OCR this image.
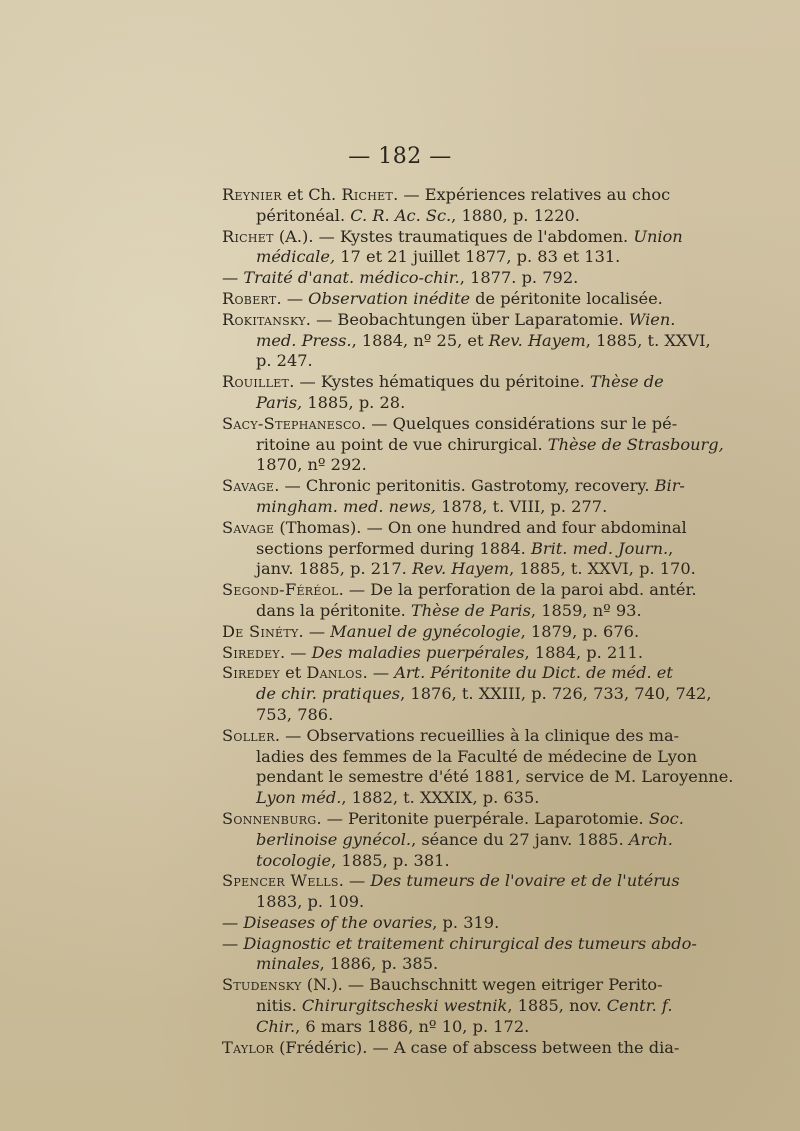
— 182 —
Reynier et Ch. Richet. — Expériences relatives au choc
péritonéal. C. R. Ac. Sc., 1880, p. 1220.
Richet (A.). — Kystes traumatiques de l'abdomen. Union
médicale, 17 et 21 juillet 1877, p. 83 et 131.
— Traité d'anat. médico-chir., 1877. p. 792.
Robert. — Observation inédite de péritonite localisée.
Rokitansky. — Beobachtungen über Laparatomie. Wien.
med. Press., 1884, nº 25, et Rev. Hayem, 1885, t. XXVI,
p. 247.
Rouillet. — Kystes hématiques du péritoine. Thèse de
Paris, 1885, p. 28.
Sacy-Stephanesco. — Quelques considérations sur le pé-
ritoine au point de vue chirurgical. Thèse de Strasbourg,
1870, nº 292.
Savage. — Chronic peritonitis. Gastrotomy, recovery. Bir-
mingham. med. news, 1878, t. VIII, p. 277.
Savage (Thomas). — On one hundred and four abdominal
sections performed during 1884. Brit. med. Journ.,
janv. 1885, p. 217. Rev. Hayem, 1885, t. XXVI, p. 170.
Segond-Féréol. — De la perforation de la paroi abd. antér.
dans la péritonite. Thèse de Paris, 1859, nº 93.
De Sinéty. — Manuel de gynécologie, 1879, p. 676.
Siredey. — Des maladies puerpérales, 1884, p. 211.
Siredey et Danlos. — Art. Péritonite du Dict. de méd. et
de chir. pratiques, 1876, t. XXIII, p. 726, 733, 740, 742,
753, 786.
Soller. — Observations recueillies à la clinique des ma-
ladies des femmes de la Faculté de médecine de Lyon
pendant le semestre d'été 1881, service de M. Laroyenne.
Lyon méd., 1882, t. XXXIX, p. 635.
Sonnenburg. — Peritonite puerpérale. Laparotomie. Soc.
berlinoise gynécol., séance du 27 janv. 1885. Arch.
tocologie, 1885, p. 381.
Spencer Wells. — Des tumeurs de l'ovaire et de l'utérus
1883, p. 109.
— Diseases of the ovaries, p. 319.
— Diagnostic et traitement chirurgical des tumeurs abdo-
minales, 1886, p. 385.
Studensky (N.). — Bauchschnitt wegen eitriger Perito-
nitis. Chirurgitscheski westnik, 1885, nov. Centr. f.
Chir., 6 mars 1886, nº 10, p. 172.
Taylor (Frédéric). — A case of abscess between the dia-
